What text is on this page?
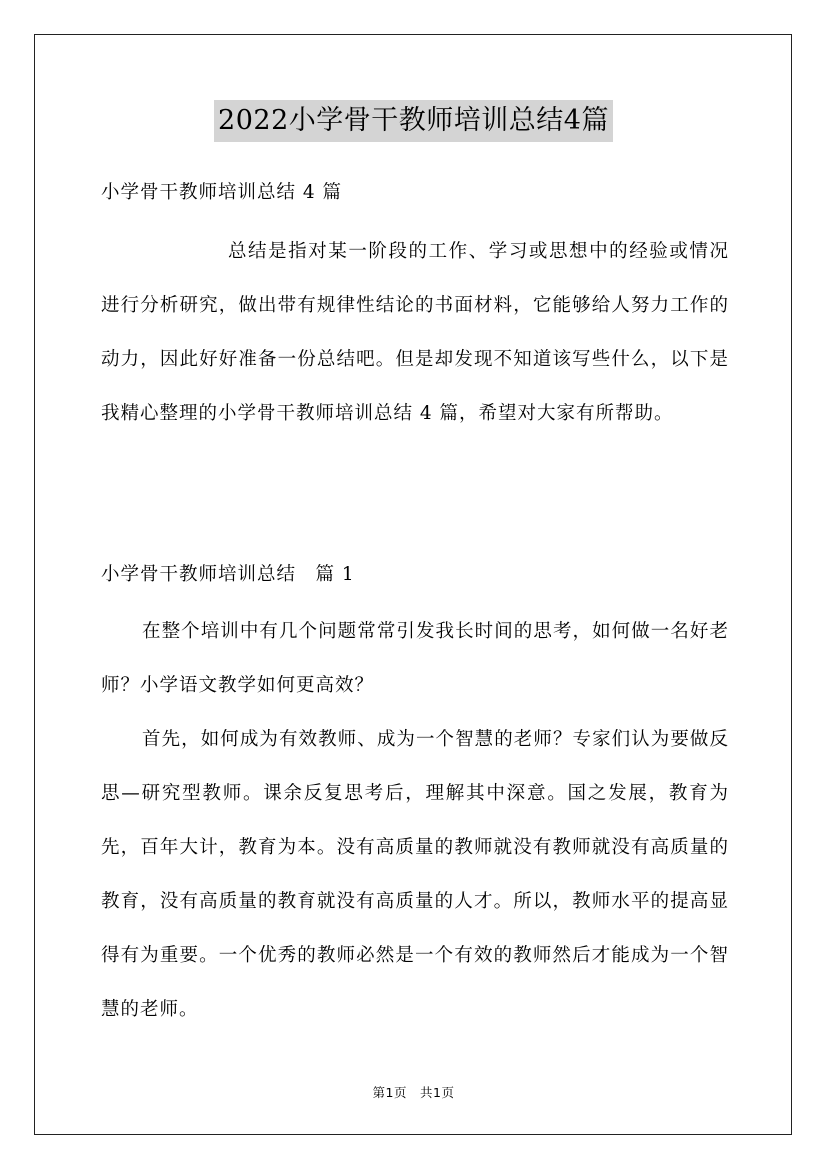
2022小学骨干教师培训总结4篇
小学骨干教师培训总结 4 篇
总结是指对某一阶段的工作、学习或思想中的经验或情况进行分析研究，做出带有规律性结论的书面材料，它能够给人努力工作的动力，因此好好准备一份总结吧。但是却发现不知道该写些什么，以下是我精心整理的小学骨干教师培训总结 4 篇，希望对大家有所帮助。
小学骨干教师培训总结　篇 1
在整个培训中有几个问题常常引发我长时间的思考，如何做一名好老师？小学语文教学如何更高效？
首先，如何成为有效教师、成为一个智慧的老师？专家们认为要做反思—研究型教师。课余反复思考后，理解其中深意。国之发展，教育为先，百年大计，教育为本。没有高质量的教师就没有教师就没有高质量的教育，没有高质量的教育就没有高质量的人才。所以，教师水平的提高显得有为重要。一个优秀的教师必然是一个有效的教师然后才能成为一个智慧的老师。
第1页　共1页
